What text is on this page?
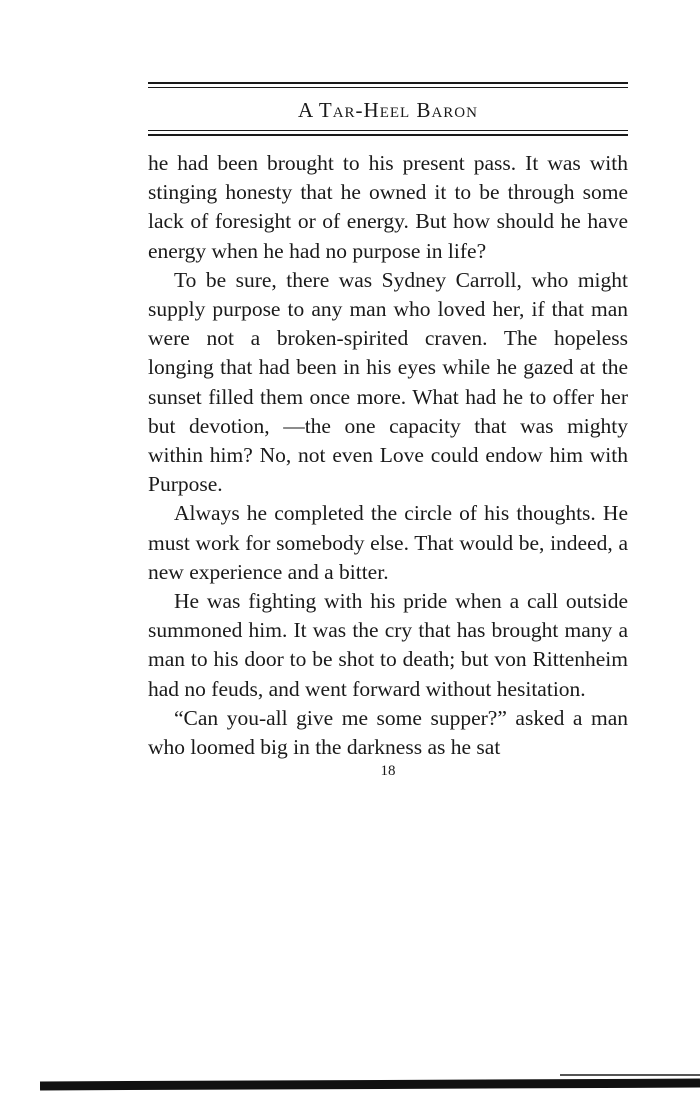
A Tar-Heel Baron

he had been brought to his present pass. It was with stinging honesty that he owned it to be through some lack of foresight or of energy. But how should he have energy when he had no purpose in life?

To be sure, there was Sydney Carroll, who might supply purpose to any man who loved her, if that man were not a broken-spirited craven. The hopeless longing that had been in his eyes while he gazed at the sunset filled them once more. What had he to offer her but devotion, —the one capacity that was mighty within him? No, not even Love could endow him with Purpose.

Always he completed the circle of his thoughts. He must work for somebody else. That would be, indeed, a new experience and a bitter.

He was fighting with his pride when a call outside summoned him. It was the cry that has brought many a man to his door to be shot to death; but von Rittenheim had no feuds, and went forward without hesitation.

“Can you-all give me some supper?” asked a man who loomed big in the darkness as he sat

18
